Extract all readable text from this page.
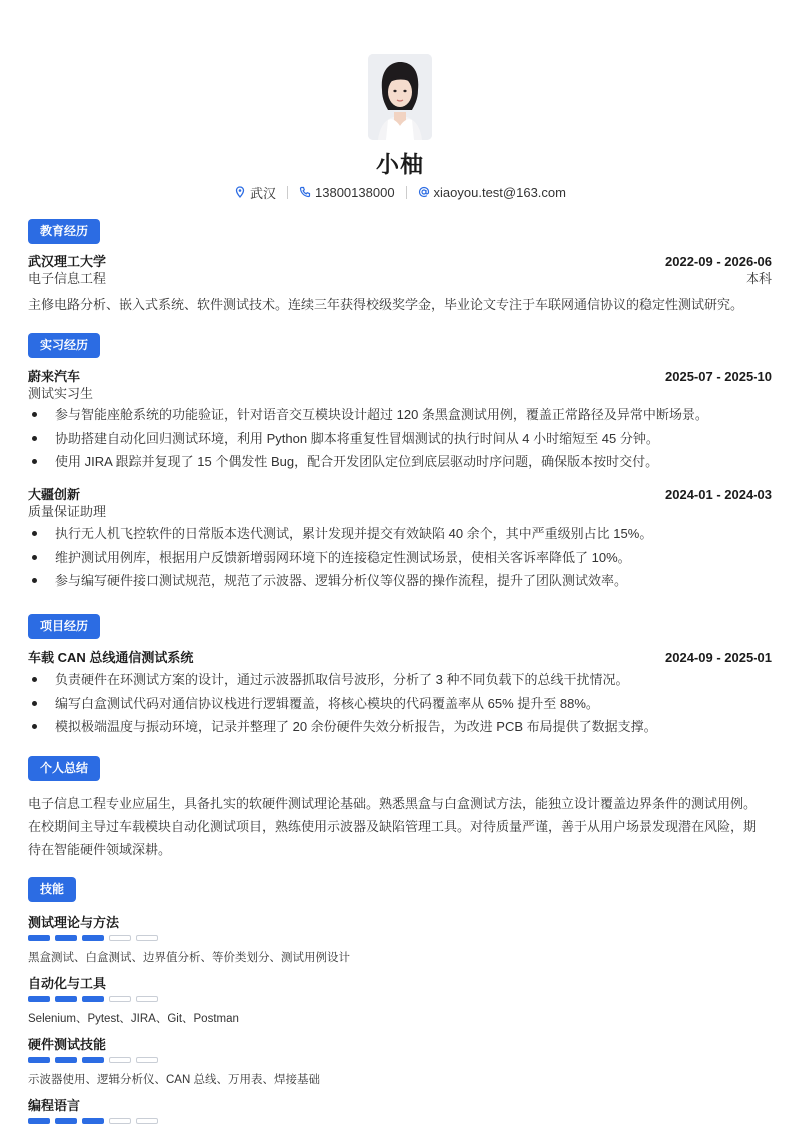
小柚
武汉	13800138000	xiaoyou.test@163.com
教育经历
武汉理工大学	2022-09 - 2026-06
电子信息工程	本科
主修电路分析、嵌入式系统、软件测试技术。连续三年获得校级奖学金，毕业论文专注于车联网通信协议的稳定性测试研究。
实习经历
蔚来汽车	2025-07 - 2025-10
测试实习生
参与智能座舱系统的功能验证，针对语音交互模块设计超过 120 条黑盒测试用例，覆盖正常路径及异常中断场景。
协助搭建自动化回归测试环境，利用 Python 脚本将重复性冒烟测试的执行时间从 4 小时缩短至 45 分钟。
使用 JIRA 跟踪并复现了 15 个偶发性 Bug，配合开发团队定位到底层驱动时序问题，确保版本按时交付。
大疆创新	2024-01 - 2024-03
质量保证助理
执行无人机飞控软件的日常版本迭代测试，累计发现并提交有效缺陷 40 余个，其中严重级别占比 15%。
维护测试用例库，根据用户反馈新增弱网环境下的连接稳定性测试场景，使相关客诉率降低了 10%。
参与编写硬件接口测试规范，规范了示波器、逻辑分析仪等仪器的操作流程，提升了团队测试效率。
项目经历
车载 CAN 总线通信测试系统	2024-09 - 2025-01
负责硬件在环测试方案的设计，通过示波器抓取信号波形，分析了 3 种不同负载下的总线干扰情况。
编写白盒测试代码对通信协议栈进行逻辑覆盖，将核心模块的代码覆盖率从 65% 提升至 88%。
模拟极端温度与振动环境，记录并整理了 20 余份硬件失效分析报告，为改进 PCB 布局提供了数据支撑。
个人总结
电子信息工程专业应届生，具备扎实的软硬件测试理论基础。熟悉黑盒与白盒测试方法，能独立设计覆盖边界条件的测试用例。
在校期间主导过车载模块自动化测试项目，熟练使用示波器及缺陷管理工具。对待质量严谨，善于从用户场景发现潜在风险，期
待在智能硬件领域深耕。
技能
测试理论与方法
黑盒测试、白盒测试、边界值分析、等价类划分、测试用例设计
自动化与工具
Selenium、Pytest、JIRA、Git、Postman
硬件测试技能
示波器使用、逻辑分析仪、CAN 总线、万用表、焊接基础
编程语言
